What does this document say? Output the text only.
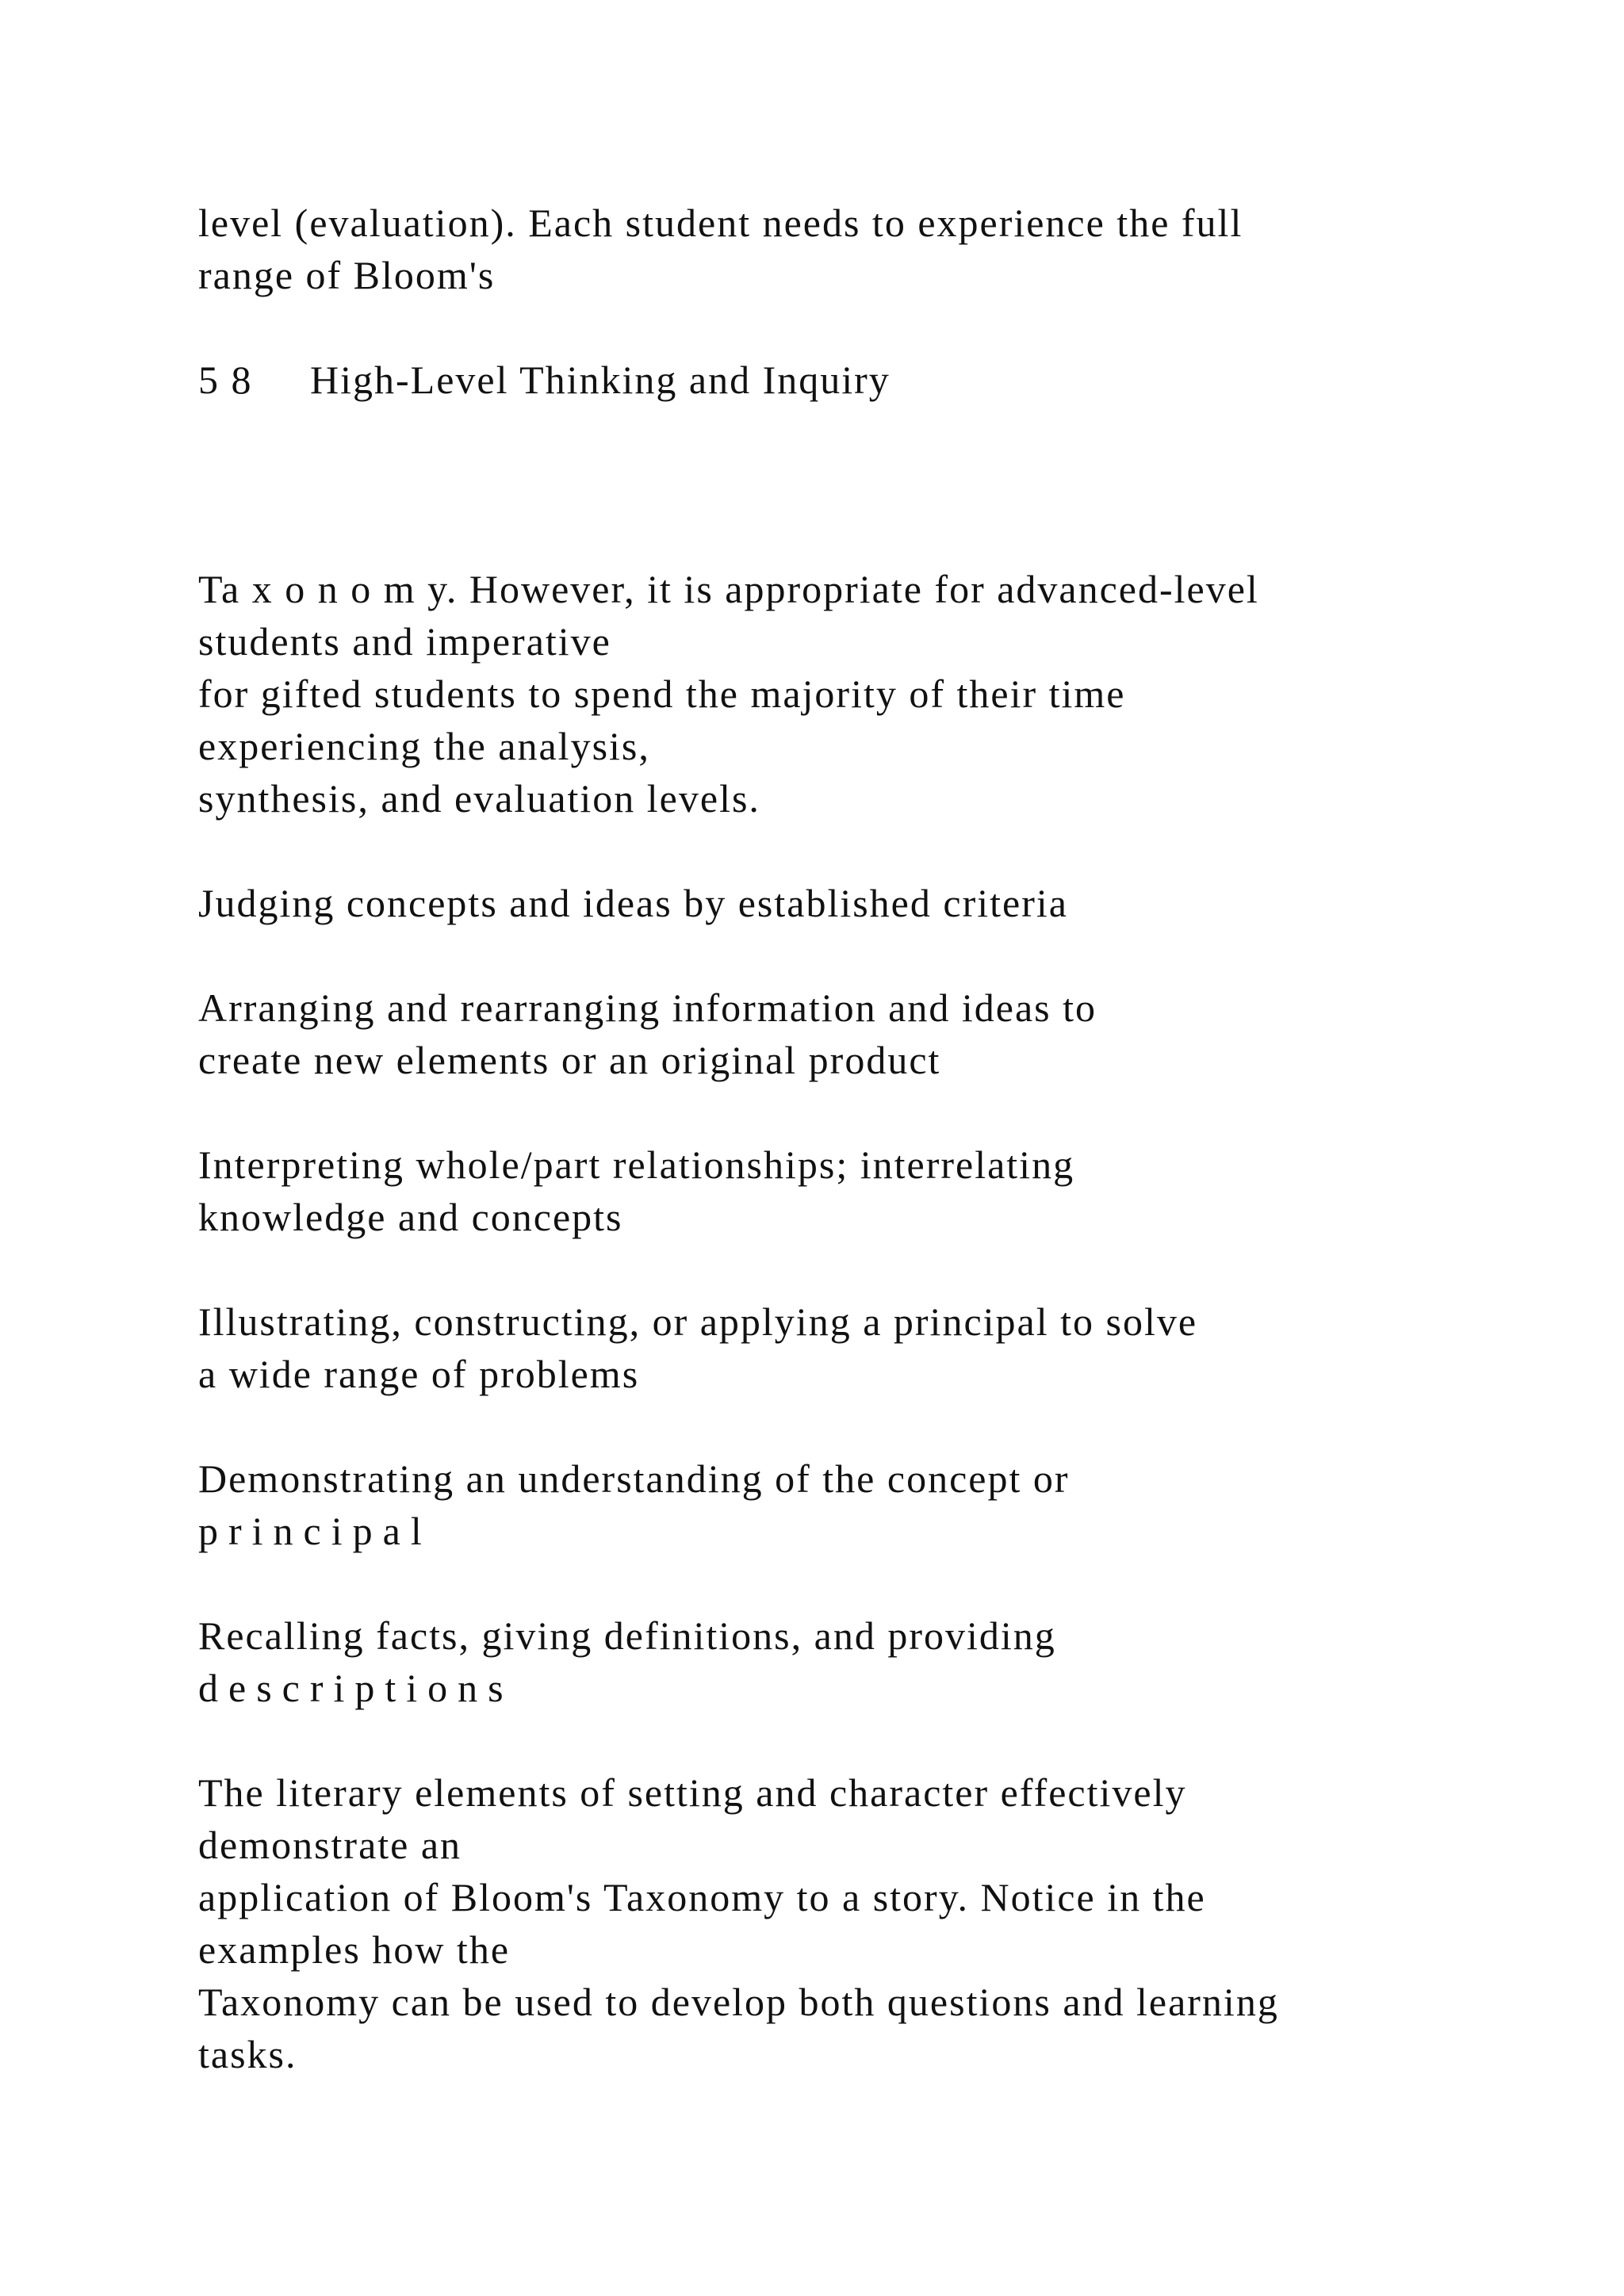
level (evaluation). Each student needs to experience the full
range of Bloom's
5 8     High-Level Thinking and Inquiry
Ta x o n o m y. However, it is appropriate for advanced-level
students and imperative
for gifted students to spend the majority of their time
experiencing the analysis,
synthesis, and evaluation levels.
Judging concepts and ideas by established criteria
Arranging and rearranging information and ideas to
create new elements or an original product
Interpreting whole/part relationships; interrelating
knowledge and concepts
Illustrating, constructing, or applying a principal to solve
a wide range of problems
Demonstrating an understanding of the concept or
principal
Recalling facts, giving definitions, and providing
descriptions
The literary elements of setting and character effectively
demonstrate an
application of Bloom's Taxonomy to a story. Notice in the
examples how the
Taxonomy can be used to develop both questions and learning
tasks.
